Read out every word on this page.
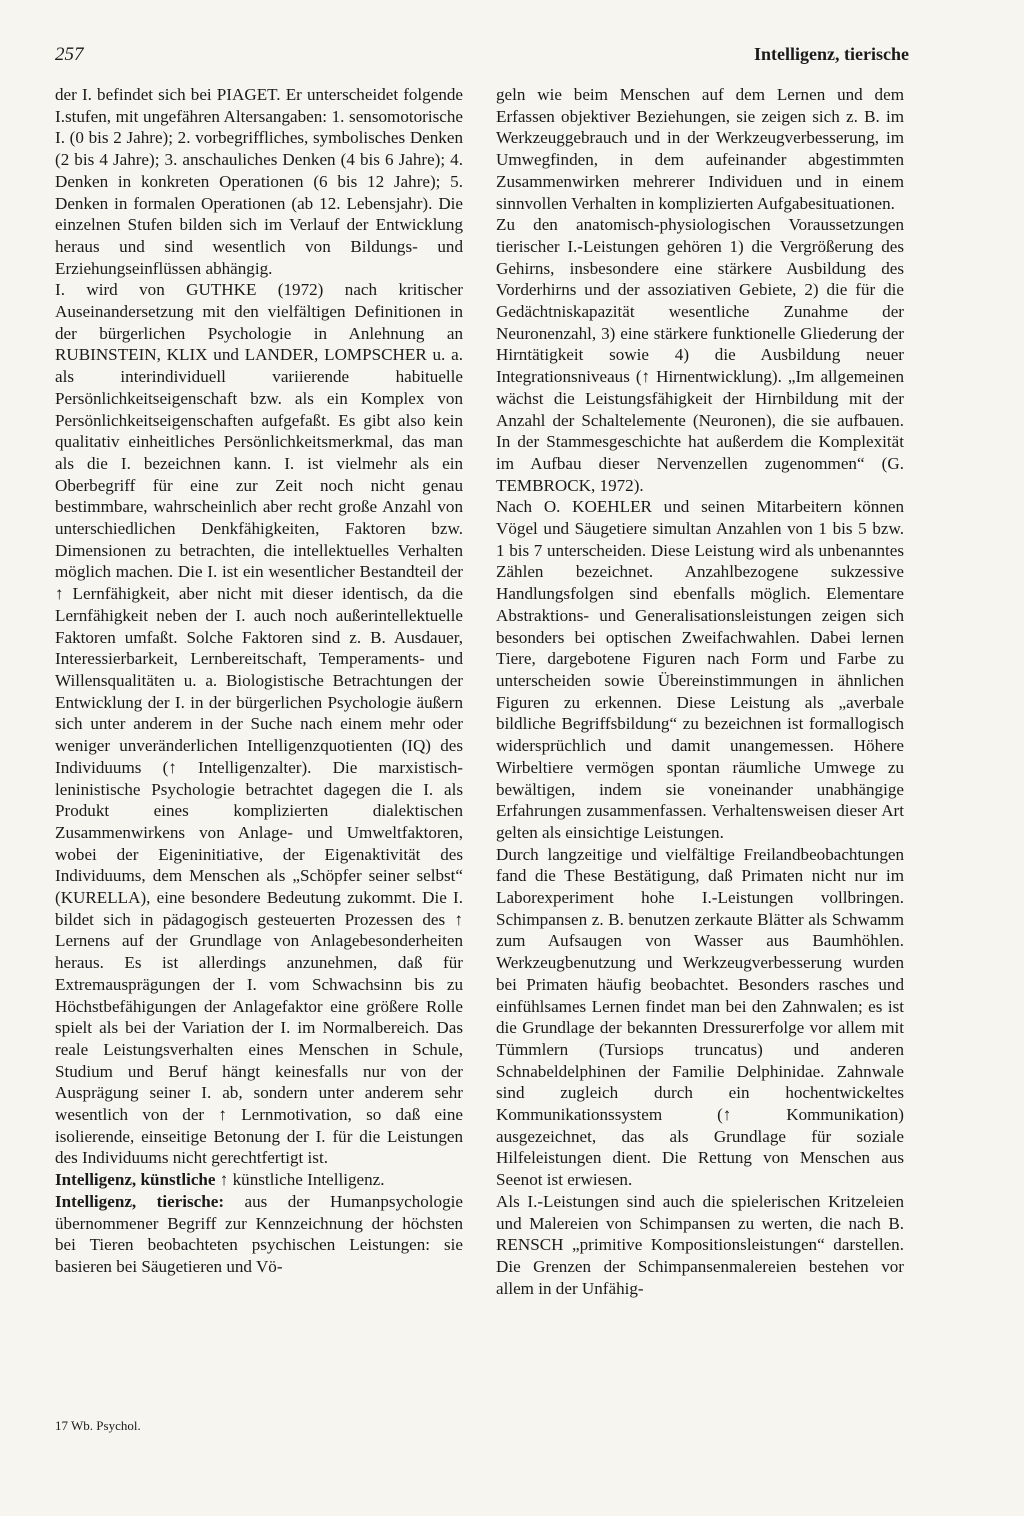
257	Intelligenz, tierische

der I. befindet sich bei PIAGET. Er unterscheidet folgende I.stufen, mit ungefähren Altersangaben: 1. sensomotorische I. (0 bis 2 Jahre); 2. vorbegriffliches, symbolisches Denken (2 bis 4 Jahre); 3. anschauliches Denken (4 bis 6 Jahre); 4. Denken in konkreten Operationen (6 bis 12 Jahre); 5. Denken in formalen Operationen (ab 12. Lebensjahr). Die einzelnen Stufen bilden sich im Verlauf der Entwicklung heraus und sind wesentlich von Bildungs- und Erziehungseinflüssen abhängig.

I. wird von GUTHKE (1972) nach kritischer Auseinandersetzung mit den vielfältigen Definitionen in der bürgerlichen Psychologie in Anlehnung an RUBINSTEIN, KLIX und LANDER, LOMPSCHER u. a. als interindividuell variierende habituelle Persönlichkeitseigenschaft bzw. als ein Komplex von Persönlichkeitseigenschaften aufgefaßt. Es gibt also kein qualitativ einheitliches Persönlichkeitsmerkmal, das man als die I. bezeichnen kann. I. ist vielmehr als ein Oberbegriff für eine zur Zeit noch nicht genau bestimmbare, wahrscheinlich aber recht große Anzahl von unterschiedlichen Denkfähigkeiten, Faktoren bzw. Dimensionen zu betrachten, die intellektuelles Verhalten möglich machen. Die I. ist ein wesentlicher Bestandteil der ↑ Lernfähigkeit, aber nicht mit dieser identisch, da die Lernfähigkeit neben der I. auch noch außerintellektuelle Faktoren umfaßt. Solche Faktoren sind z. B. Ausdauer, Interessierbarkeit, Lernbereitschaft, Temperaments- und Willensqualitäten u. a. Biologistische Betrachtungen der Entwicklung der I. in der bürgerlichen Psychologie äußern sich unter anderem in der Suche nach einem mehr oder weniger unveränderlichen Intelligenzquotienten (IQ) des Individuums (↑ Intelligenzalter). Die marxistisch-leninistische Psychologie betrachtet dagegen die I. als Produkt eines komplizierten dialektischen Zusammenwirkens von Anlage- und Umweltfaktoren, wobei der Eigeninitiative, der Eigenaktivität des Individuums, dem Menschen als „Schöpfer seiner selbst“ (KURELLA), eine besondere Bedeutung zukommt. Die I. bildet sich in pädagogisch gesteuerten Prozessen des ↑ Lernens auf der Grundlage von Anlagebesonderheiten heraus. Es ist allerdings anzunehmen, daß für Extremausprägungen der I. vom Schwachsinn bis zu Höchstbefähigungen der Anlagefaktor eine größere Rolle spielt als bei der Variation der I. im Normalbereich. Das reale Leistungsverhalten eines Menschen in Schule, Studium und Beruf hängt keinesfalls nur von der Ausprägung seiner I. ab, sondern unter anderem sehr wesentlich von der ↑ Lernmotivation, so daß eine isolierende, einseitige Betonung der I. für die Leistungen des Individuums nicht gerechtfertigt ist.

Intelligenz, künstliche ↑ künstliche Intelligenz.

Intelligenz, tierische: aus der Humanpsychologie übernommener Begriff zur Kennzeichnung der höchsten bei Tieren beobachteten psychischen Leistungen: sie basieren bei Säugetieren und Vö-

geln wie beim Menschen auf dem Lernen und dem Erfassen objektiver Beziehungen, sie zeigen sich z. B. im Werkzeuggebrauch und in der Werkzeugverbesserung, im Umwegfinden, in dem aufeinander abgestimmten Zusammenwirken mehrerer Individuen und in einem sinnvollen Verhalten in komplizierten Aufgabesituationen.

Zu den anatomisch-physiologischen Voraussetzungen tierischer I.-Leistungen gehören 1) die Vergrößerung des Gehirns, insbesondere eine stärkere Ausbildung des Vorderhirns und der assoziativen Gebiete, 2) die für die Gedächtniskapazität wesentliche Zunahme der Neuronenzahl, 3) eine stärkere funktionelle Gliederung der Hirntätigkeit sowie 4) die Ausbildung neuer Integrationsniveaus (↑ Hirnentwicklung). „Im allgemeinen wächst die Leistungsfähigkeit der Hirnbildung mit der Anzahl der Schaltelemente (Neuronen), die sie aufbauen. In der Stammesgeschichte hat außerdem die Komplexität im Aufbau dieser Nervenzellen zugenommen“ (G. TEMBROCK, 1972).

Nach O. KOEHLER und seinen Mitarbeitern können Vögel und Säugetiere simultan Anzahlen von 1 bis 5 bzw. 1 bis 7 unterscheiden. Diese Leistung wird als unbenanntes Zählen bezeichnet. Anzahlbezogene sukzessive Handlungsfolgen sind ebenfalls möglich. Elementare Abstraktions- und Generalisationsleistungen zeigen sich besonders bei optischen Zweifachwahlen. Dabei lernen Tiere, dargebotene Figuren nach Form und Farbe zu unterscheiden sowie Übereinstimmungen in ähnlichen Figuren zu erkennen. Diese Leistung als „averbale bildliche Begriffsbildung“ zu bezeichnen ist formallogisch widersprüchlich und damit unangemessen. Höhere Wirbeltiere vermögen spontan räumliche Umwege zu bewältigen, indem sie voneinander unabhängige Erfahrungen zusammenfassen. Verhaltensweisen dieser Art gelten als einsichtige Leistungen.

Durch langzeitige und vielfältige Freilandbeobachtungen fand die These Bestätigung, daß Primaten nicht nur im Laborexperiment hohe I.-Leistungen vollbringen. Schimpansen z. B. benutzen zerkaute Blätter als Schwamm zum Aufsaugen von Wasser aus Baumhöhlen. Werkzeugbenutzung und Werkzeugverbesserung wurden bei Primaten häufig beobachtet. Besonders rasches und einfühlsames Lernen findet man bei den Zahnwalen; es ist die Grundlage der bekannten Dressurerfolge vor allem mit Tümmlern (Tursiops truncatus) und anderen Schnabeldelphinen der Familie Delphinidae. Zahnwale sind zugleich durch ein hochentwickeltes Kommunikationssystem (↑ Kommunikation) ausgezeichnet, das als Grundlage für soziale Hilfeleistungen dient. Die Rettung von Menschen aus Seenot ist erwiesen.

Als I.-Leistungen sind auch die spielerischen Kritzeleien und Malereien von Schimpansen zu werten, die nach B. RENSCH „primitive Kompositionsleistungen“ darstellen. Die Grenzen der Schimpansenmalereien bestehen vor allem in der Unfähig-

17 Wb. Psychol.
